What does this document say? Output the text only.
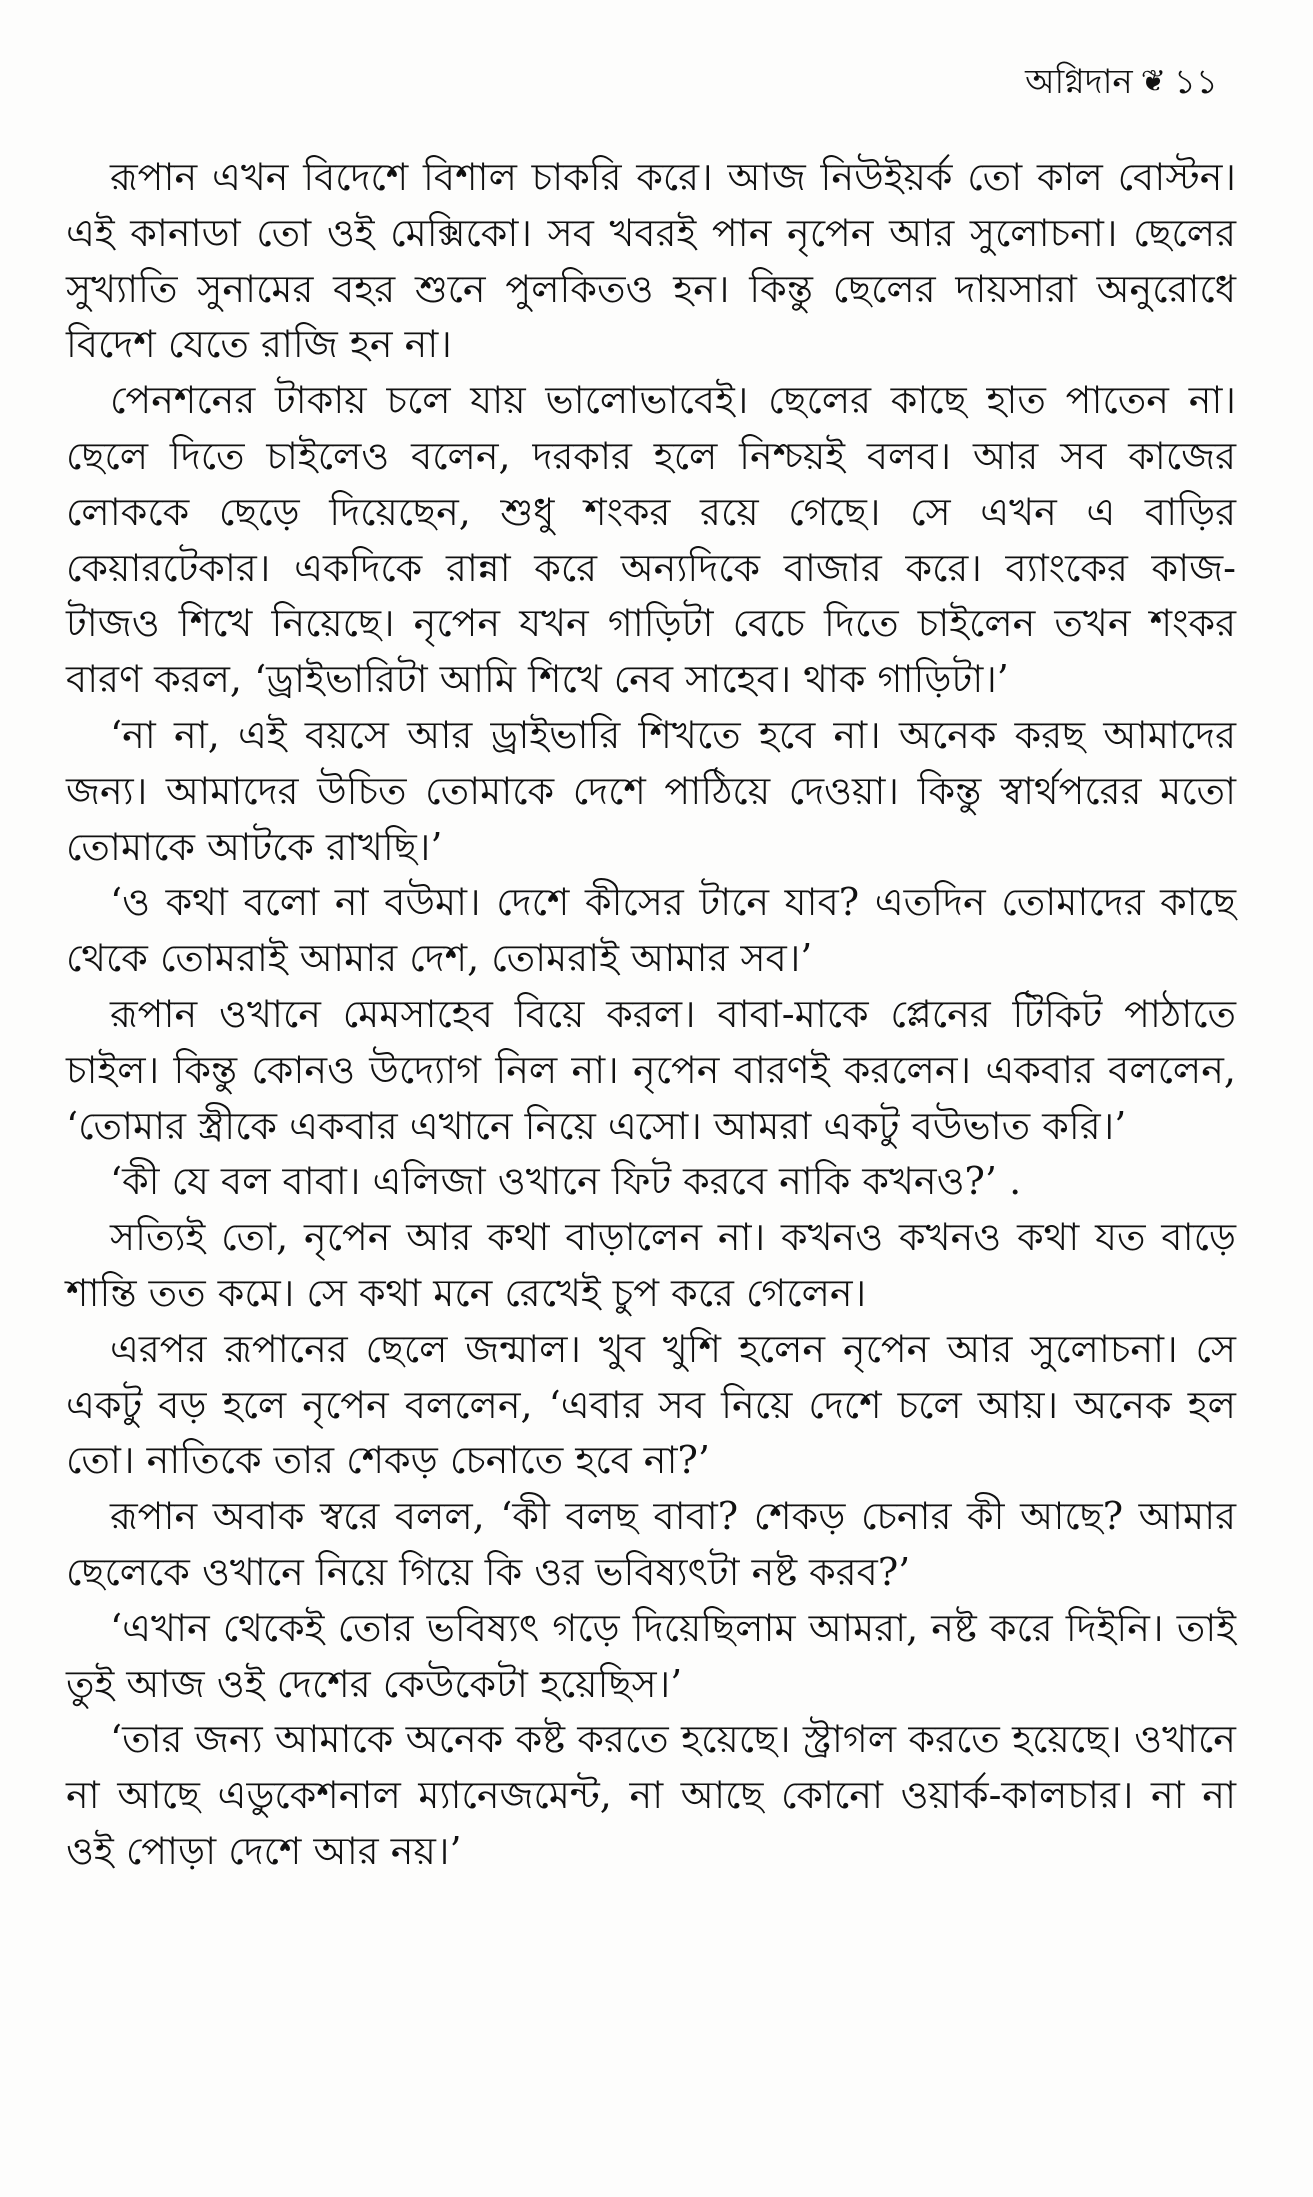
অগ্নিদান ❦ ১১

রূপান এখন বিদেশে বিশাল চাকরি করে। আজ নিউইয়র্ক তো কাল বোস্টন। এই কানাডা তো ওই মেক্সিকো। সব খবরই পান নৃপেন আর সুলোচনা। ছেলের সুখ্যাতি সুনামের বহর শুনে পুলকিতও হন। কিন্তু ছেলের দায়সারা অনুরোধে বিদেশ যেতে রাজি হন না।

পেনশনের টাকায় চলে যায় ভালোভাবেই। ছেলের কাছে হাত পাতেন না। ছেলে দিতে চাইলেও বলেন, দরকার হলে নিশ্চয়ই বলব। আর সব কাজের লোককে ছেড়ে দিয়েছেন, শুধু শংকর রয়ে গেছে। সে এখন এ বাড়ির কেয়ারটেকার। একদিকে রান্না করে অন্যদিকে বাজার করে। ব্যাংকের কাজ-টাজও শিখে নিয়েছে। নৃপেন যখন গাড়িটা বেচে দিতে চাইলেন তখন শংকর বারণ করল, ‘ড্রাইভারিটা আমি শিখে নেব সাহেব। থাক গাড়িটা।’

‘না না, এই বয়সে আর ড্রাইভারি শিখতে হবে না। অনেক করছ আমাদের জন্য। আমাদের উচিত তোমাকে দেশে পাঠিয়ে দেওয়া। কিন্তু স্বার্থপরের মতো তোমাকে আটকে রাখছি।’

‘ও কথা বলো না বউমা। দেশে কীসের টানে যাব? এতদিন তোমাদের কাছে থেকে তোমরাই আমার দেশ, তোমরাই আমার সব।’

রূপান ওখানে মেমসাহেব বিয়ে করল। বাবা-মাকে প্লেনের টিকিট পাঠাতে চাইল। কিন্তু কোনও উদ্যোগ নিল না। নৃপেন বারণই করলেন। একবার বললেন, ‘তোমার স্ত্রীকে একবার এখানে নিয়ে এসো। আমরা একটু বউভাত করি।’

‘কী যে বল বাবা। এলিজা ওখানে ফিট করবে নাকি কখনও?’ .

সত্যিই তো, নৃপেন আর কথা বাড়ালেন না। কখনও কখনও কথা যত বাড়ে শান্তি তত কমে। সে কথা মনে রেখেই চুপ করে গেলেন।

এরপর রূপানের ছেলে জন্মাল। খুব খুশি হলেন নৃপেন আর সুলোচনা। সে একটু বড় হলে নৃপেন বললেন, ‘এবার সব নিয়ে দেশে চলে আয়। অনেক হল তো। নাতিকে তার শেকড় চেনাতে হবে না?’

রূপান অবাক স্বরে বলল, ‘কী বলছ বাবা? শেকড় চেনার কী আছে? আমার ছেলেকে ওখানে নিয়ে গিয়ে কি ওর ভবিষ্যৎটা নষ্ট করব?’

‘এখান থেকেই তোর ভবিষ্যৎ গড়ে দিয়েছিলাম আমরা, নষ্ট করে দিইনি। তাই তুই আজ ওই দেশের কেউকেটা হয়েছিস।’

‘তার জন্য আমাকে অনেক কষ্ট করতে হয়েছে। স্ট্রাগল করতে হয়েছে। ওখানে না আছে এডুকেশনাল ম্যানেজমেন্ট, না আছে কোনো ওয়ার্ক-কালচার। না না ওই পোড়া দেশে আর নয়।’
